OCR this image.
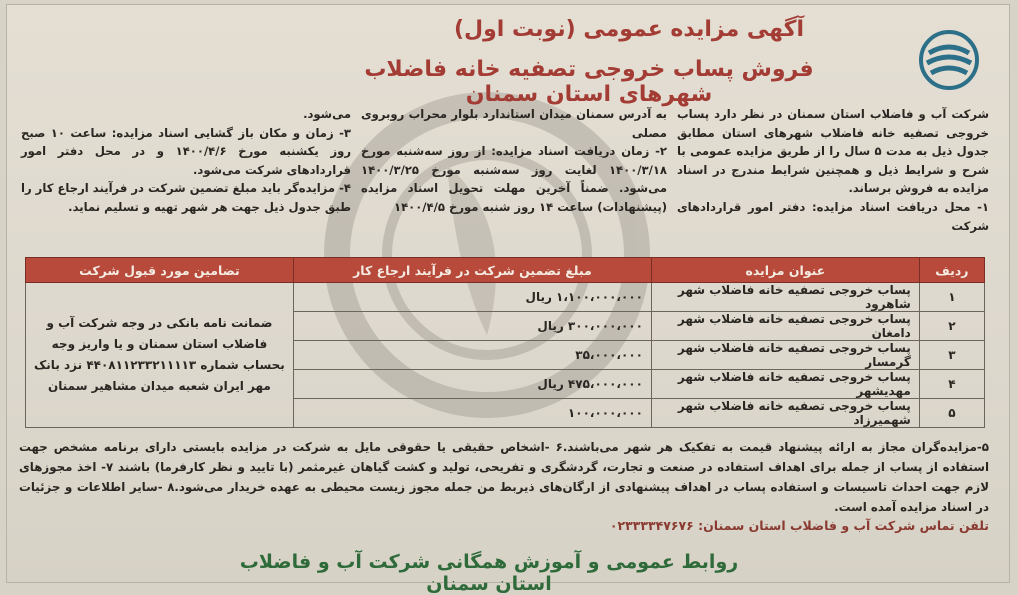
آگهی مزایده عمومی (نوبت اول)
فروش پساب خروجی تصفیه خانه فاضلاب شهرهای استان سمنان

شرکت آب و فاضلاب استان سمنان در نظر دارد پساب خروجی تصفیه خانه فاضلاب شهرهای استان مطابق جدول ذیل به مدت ۵ سال را از طریق مزایده عمومی با شرح و شرایط ذیل و همچنین شرایط مندرج در اسناد مزایده به فروش برساند.

۱- محل دریافت اسناد مزایده: دفتر امور قراردادهای شرکت

به آدرس سمنان میدان استاندارد بلوار محراب روبروی مصلی

۲- زمان دریافت اسناد مزایده: از روز سه‌شنبه مورخ ۱۴۰۰/۳/۱۸ لغایت روز سه‌شنبه مورخ ۱۴۰۰/۳/۲۵ می‌شود. ضمناً آخرین مهلت تحویل اسناد مزایده (پیشنهادات) ساعت ۱۴ روز شنبه مورخ ۱۴۰۰/۴/۵

می‌شود.

۳- زمان و مکان باز گشایی اسناد مزایده: ساعت ۱۰ صبح روز یکشنبه مورخ ۱۴۰۰/۴/۶ و در محل دفتر امور قراردادهای شرکت می‌شود.

۴- مزایده‌گر باید مبلغ تضمین شرکت در فرآیند ارجاع کار را طبق جدول ذیل جهت هر شهر تهیه و تسلیم نماید.

ردیف	عنوان مزایده	مبلغ تضمین شرکت در فرآیند ارجاع کار	تضامین مورد قبول شرکت
۱	پساب خروجی تصفیه خانه فاضلاب شهر شاهرود	۱،۱۰۰،۰۰۰،۰۰۰ ریال	ضمانت نامه بانکی در وجه شرکت آب و فاضلاب استان سمنان و یا واریز وجه بحساب شماره ۴۴۰۸۱۱۲۳۳۲۱۱۱۱۳ نزد بانک مهر ایران شعبه میدان مشاهیر سمنان
۲	پساب خروجی تصفیه خانه فاضلاب شهر دامغان	۳۰۰،۰۰۰،۰۰۰ ریال	
۳	پساب خروجی تصفیه خانه فاضلاب شهر گرمسار	۳۵،۰۰۰،۰۰۰	
۴	پساب خروجی تصفیه خانه فاضلاب شهر مهدیشهر	۴۷۵،۰۰۰،۰۰۰ ریال	
۵	پساب خروجی تصفیه خانه فاضلاب شهر شهمیرزاد	۱۰۰،۰۰۰،۰۰۰	

۵-مزایده‌گران مجاز به ارائه پیشنهاد قیمت به تفکیک هر شهر می‌باشند.۶ -اشخاص حقیقی یا حقوقی مایل به شرکت در مزایده بایستی دارای برنامه مشخص جهت استفاده از پساب از جمله برای اهداف استفاده در صنعت و تجارت، گردشگری و تفریحی، تولید و کشت گیاهان غیرمثمر (با تایید و نظر کارفرما) باشند ۷- اخذ مجوزهای لازم جهت احداث تاسیسات و استفاده پساب در اهداف پیشنهادی از ارگان‌های ذیربط من جمله مجوز زیست محیطی به عهده خریدار می‌شود.۸ -سایر اطلاعات و جزئیات در اسناد مزایده آمده است.

تلفن تماس شرکت آب و فاضلاب استان سمنان: ۰۲۳۳۳۳۴۷۶۷۶
روابط عمومی و آموزش همگانی شرکت آب و فاضلاب استان سمنان
